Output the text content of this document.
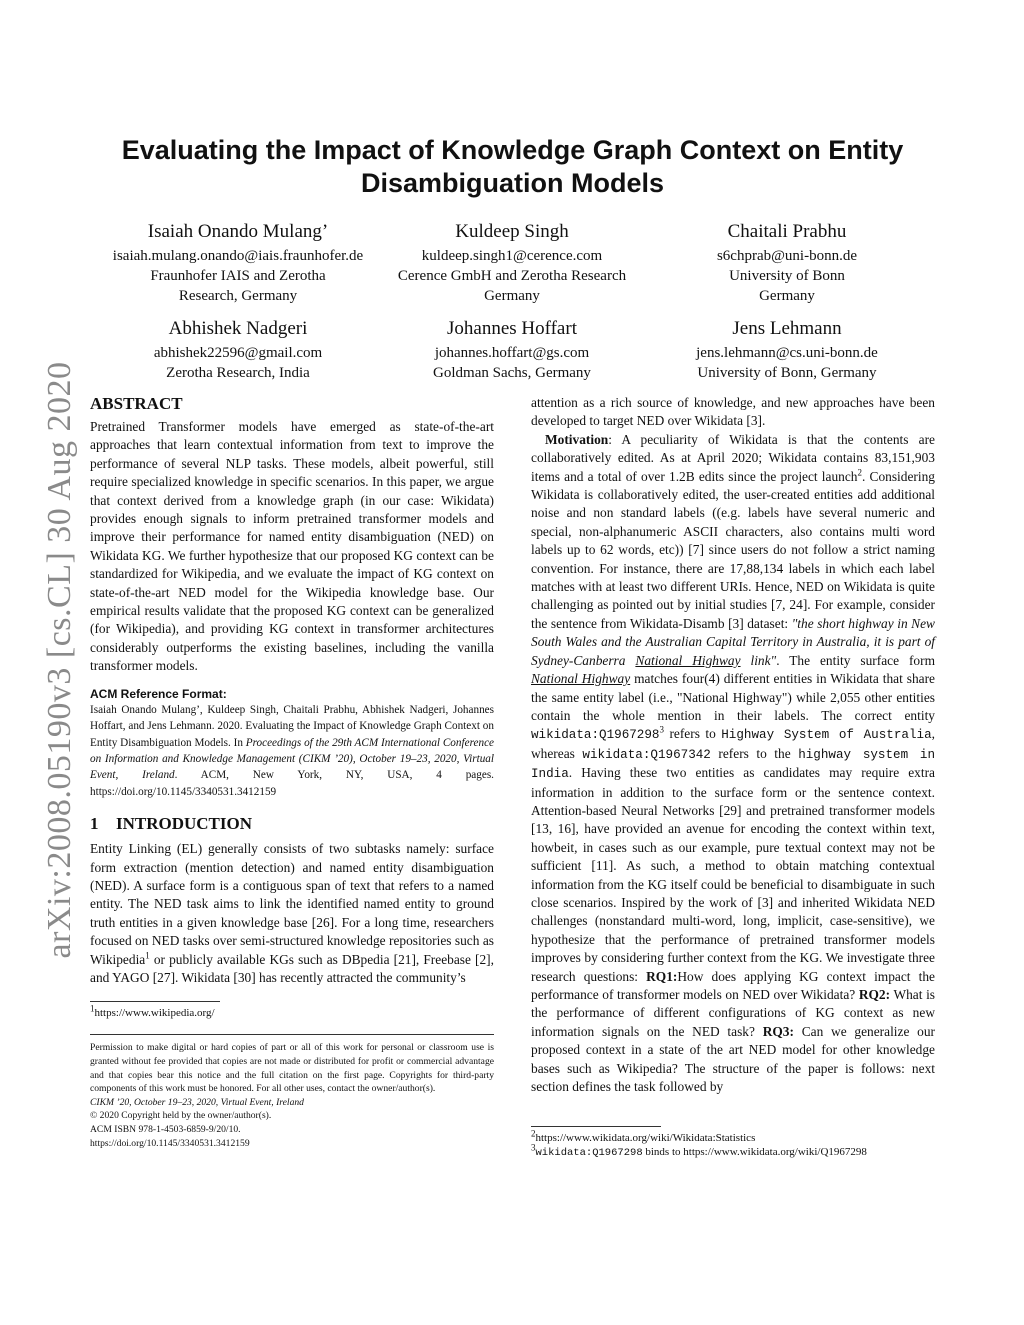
arXiv:2008.05190v3 [cs.CL] 30 Aug 2020
Evaluating the Impact of Knowledge Graph Context on Entity
Disambiguation Models
Isaiah Onando Mulang’
isaiah.mulang.onando@iais.fraunhofer.de
Fraunhofer IAIS and Zerotha
Research, Germany
Kuldeep Singh
kuldeep.singh1@cerence.com
Cerence GmbH and Zerotha Research
Germany
Chaitali Prabhu
s6chprab@uni-bonn.de
University of Bonn
Germany
Abhishek Nadgeri
abhishek22596@gmail.com
Zerotha Research, India
Johannes Hoffart
johannes.hoffart@gs.com
Goldman Sachs, Germany
Jens Lehmann
jens.lehmann@cs.uni-bonn.de
University of Bonn, Germany
ABSTRACT

Pretrained Transformer models have emerged as state-of-the-art approaches that learn contextual information from text to improve the performance of several NLP tasks. These models, albeit powerful, still require specialized knowledge in specific scenarios. In this paper, we argue that context derived from a knowledge graph (in our case: Wikidata) provides enough signals to inform pretrained transformer models and improve their performance for named entity disambiguation (NED) on Wikidata KG. We further hypothesize that our proposed KG context can be standardized for Wikipedia, and we evaluate the impact of KG context on state-of-the-art NED model for the Wikipedia knowledge base. Our empirical results validate that the proposed KG context can be generalized (for Wikipedia), and providing KG context in transformer architectures considerably outperforms the existing baselines, including the vanilla transformer models.

ACM Reference Format:
Isaiah Onando Mulang’, Kuldeep Singh, Chaitali Prabhu, Abhishek Nadgeri, Johannes Hoffart, and Jens Lehmann. 2020. Evaluating the Impact of Knowledge Graph Context on Entity Disambiguation Models. In Proceedings of the 29th ACM International Conference on Information and Knowledge Management (CIKM ’20), October 19–23, 2020, Virtual Event, Ireland. ACM, New York, NY, USA, 4 pages. https://doi.org/10.1145/3340531.3412159
1 INTRODUCTION

Entity Linking (EL) generally consists of two subtasks namely: surface form extraction (mention detection) and named entity disambiguation (NED). A surface form is a contiguous span of text that refers to a named entity. The NED task aims to link the identified named entity to ground truth entities in a given knowledge base [26]. For a long time, researchers focused on NED tasks over semi-structured knowledge repositories such as Wikipedia$^1$ or publicly available KGs such as DBpedia [21], Freebase [2], and YAGO [27]. Wikidata [30] has recently attracted the community’s

$^1$https://www.wikipedia.org/
Permission to make digital or hard copies of part or all of this work for personal or classroom use is granted without fee provided that copies are not made or distributed for profit or commercial advantage and that copies bear this notice and the full citation on the first page. Copyrights for third-party components of this work must be honored. For all other uses, contact the owner/author(s).
CIKM ’20, October 19–23, 2020, Virtual Event, Ireland
© 2020 Copyright held by the owner/author(s).
ACM ISBN 978-1-4503-6859-9/20/10.
https://doi.org/10.1145/3340531.3412159

attention as a rich source of knowledge, and new approaches have been developed to target NED over Wikidata [3].

Motivation: A peculiarity of Wikidata is that the contents are collaboratively edited. As at April 2020; Wikidata contains 83,151,903 items and a total of over 1.2B edits since the project launch$^2$. Considering Wikidata is collaboratively edited, the user-created entities add additional noise and non standard labels ((e.g. labels have several numeric and special, non-alphanumeric ASCII characters, also contains multi word labels up to 62 words, etc)) [7] since users do not follow a strict naming convention. For instance, there are 17,88,134 labels in which each label matches with at least two different URIs. Hence, NED on Wikidata is quite challenging as pointed out by initial studies [7, 24]. For example, consider the sentence from Wikidata-Disamb [3] dataset: "the short highway in New South Wales and the Australian Capital Territory in Australia, it is part of Sydney-Canberra National Highway link". The entity surface form National Highway matches four(4) different entities in Wikidata that share the same entity label (i.e., "National Highway") while 2,055 other entities contain the whole mention in their labels. The correct entity wikidata:Q1967298$^3$ refers to Highway System of Australia, whereas wikidata:Q1967342 refers to the highway system in India. Having these two entities as candidates may require extra information in addition to the surface form or the sentence context. Attention-based Neural Networks [29] and pretrained transformer models [13, 16], have provided an avenue for encoding the context within text, howbeit, in cases such as our example, pure textual context may not be sufficient [11]. As such, a method to obtain matching contextual information from the KG itself could be beneficial to disambiguate in such close scenarios. Inspired by the work of [3] and inherited Wikidata NED challenges (nonstandard multi-word, long, implicit, case-sensitive), we hypothesize that the performance of pretrained transformer models improves by considering further context from the KG. We investigate three research questions: RQ1:How does applying KG context impact the performance of transformer models on NED over Wikidata? RQ2: What is the performance of different configurations of KG context as new information signals on the NED task? RQ3: Can we generalize our proposed context in a state of the art NED model for other knowledge bases such as Wikipedia? The structure of the paper is follows: next section defines the task followed by

$^2$https://www.wikidata.org/wiki/Wikidata:Statistics
$^3$wikidata:Q1967298 binds to https://www.wikidata.org/wiki/Q1967298
